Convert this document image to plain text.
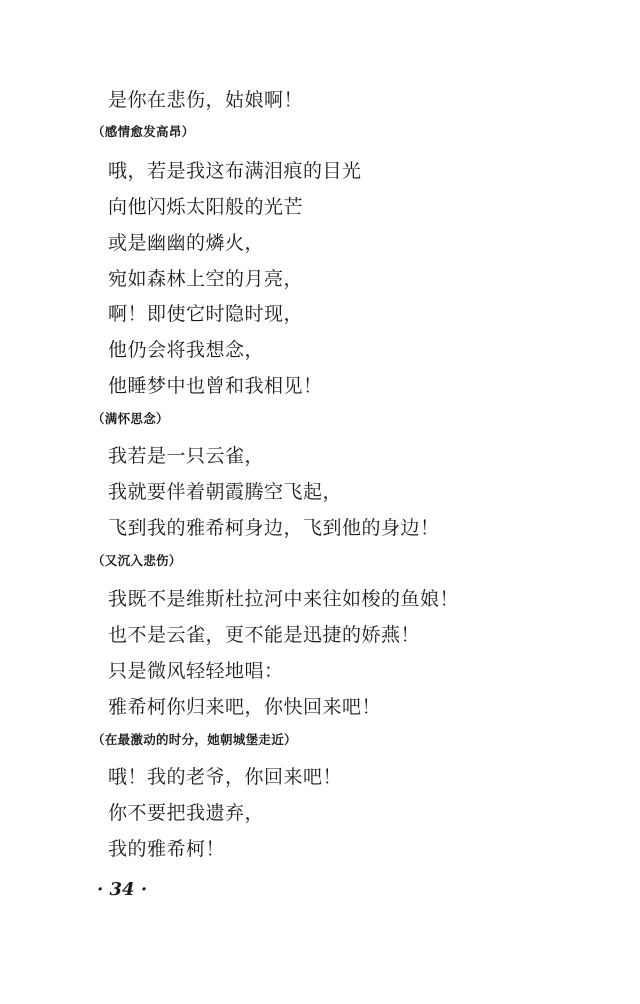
是你在悲伤，姑娘啊！
（感情愈发高昂）
哦，若是我这布满泪痕的目光
向他闪烁太阳般的光芒
或是幽幽的燐火，
宛如森林上空的月亮，
啊！即使它时隐时现，
他仍会将我想念，
他睡梦中也曾和我相见！
（满怀思念）
我若是一只云雀，
我就要伴着朝霞腾空飞起，
飞到我的雅希柯身边，飞到他的身边！
（又沉入悲伤）
我既不是维斯杜拉河中来往如梭的鱼娘！
也不是云雀，更不能是迅捷的娇燕！
只是微风轻轻地唱：
雅希柯你归来吧，你快回来吧！
（在最激动的时分，她朝城堡走近）
哦！我的老爷，你回来吧！
你不要把我遗弃，
我的雅希柯！
· 34 ·
